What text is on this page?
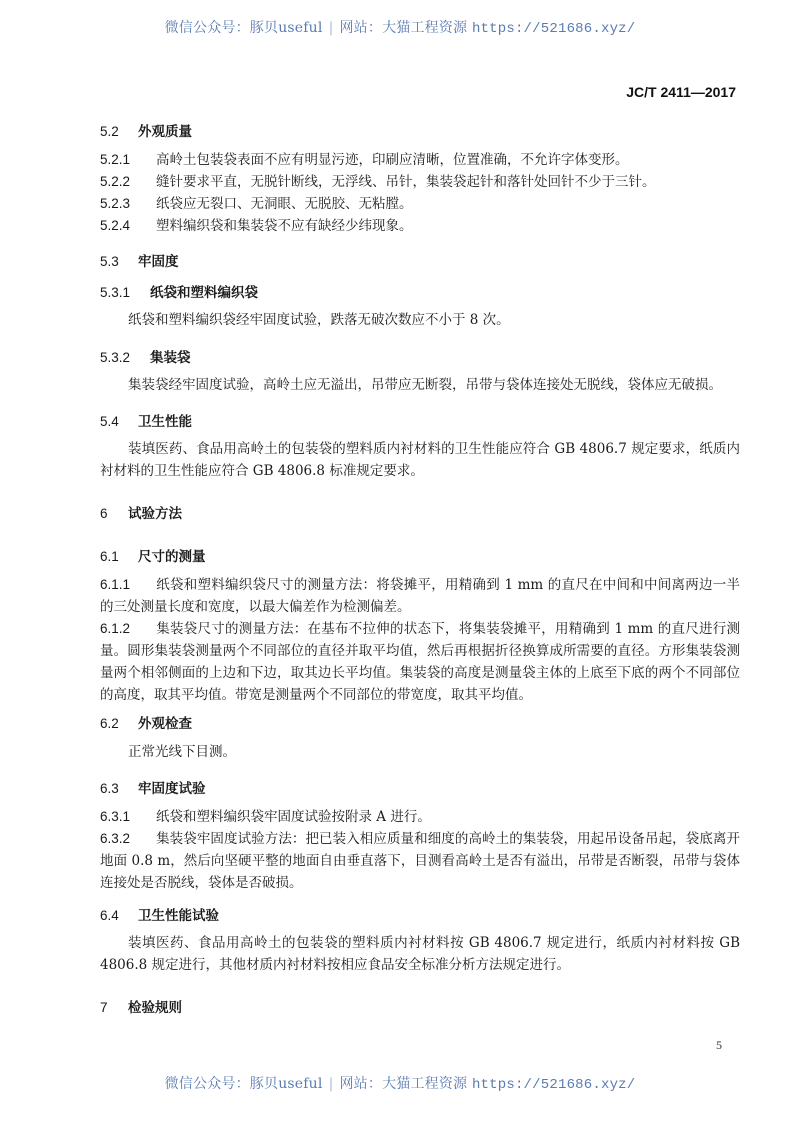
微信公众号：豚贝useful | 网站：大猫工程资源 https://521686.xyz/
JC/T 2411—2017
5.2 外观质量
5.2.1 高岭土包装袋表面不应有明显污迹，印刷应清晰，位置准确，不允许字体变形。
5.2.2 缝针要求平直，无脱针断线，无浮线、吊针，集装袋起针和落针处回针不少于三针。
5.2.3 纸袋应无裂口、无洞眼、无脱胶、无粘膛。
5.2.4 塑料编织袋和集装袋不应有缺经少纬现象。
5.3 牢固度
5.3.1 纸袋和塑料编织袋
纸袋和塑料编织袋经牢固度试验，跌落无破次数应不小于 8 次。
5.3.2 集装袋
集装袋经牢固度试验，高岭土应无溢出，吊带应无断裂，吊带与袋体连接处无脱线，袋体应无破损。
5.4 卫生性能
装填医药、食品用高岭土的包装袋的塑料质内衬材料的卫生性能应符合 GB 4806.7 规定要求，纸质内衬材料的卫生性能应符合 GB 4806.8 标准规定要求。
6 试验方法
6.1 尺寸的测量
6.1.1 纸袋和塑料编织袋尺寸的测量方法：将袋摊平，用精确到 1 mm 的直尺在中间和中间离两边一半的三处测量长度和宽度，以最大偏差作为检测偏差。
6.1.2 集装袋尺寸的测量方法：在基布不拉伸的状态下，将集装袋摊平，用精确到 1 mm 的直尺进行测量。圆形集装袋测量两个不同部位的直径并取平均值，然后再根据折径换算成所需要的直径。方形集装袋测量两个相邻侧面的上边和下边，取其边长平均值。集装袋的高度是测量袋主体的上底至下底的两个不同部位的高度，取其平均值。带宽是测量两个不同部位的带宽度，取其平均值。
6.2 外观检查
正常光线下目测。
6.3 牢固度试验
6.3.1 纸袋和塑料编织袋牢固度试验按附录 A 进行。
6.3.2 集装袋牢固度试验方法：把已装入相应质量和细度的高岭土的集装袋，用起吊设备吊起，袋底离开地面 0.8 m，然后向坚硬平整的地面自由垂直落下，目测看高岭土是否有溢出，吊带是否断裂，吊带与袋体连接处是否脱线，袋体是否破损。
6.4 卫生性能试验
装填医药、食品用高岭土的包装袋的塑料质内衬材料按 GB 4806.7 规定进行，纸质内衬材料按 GB 4806.8 规定进行，其他材质内衬材料按相应食品安全标准分析方法规定进行。
7 检验规则
5
微信公众号：豚贝useful | 网站：大猫工程资源 https://521686.xyz/
